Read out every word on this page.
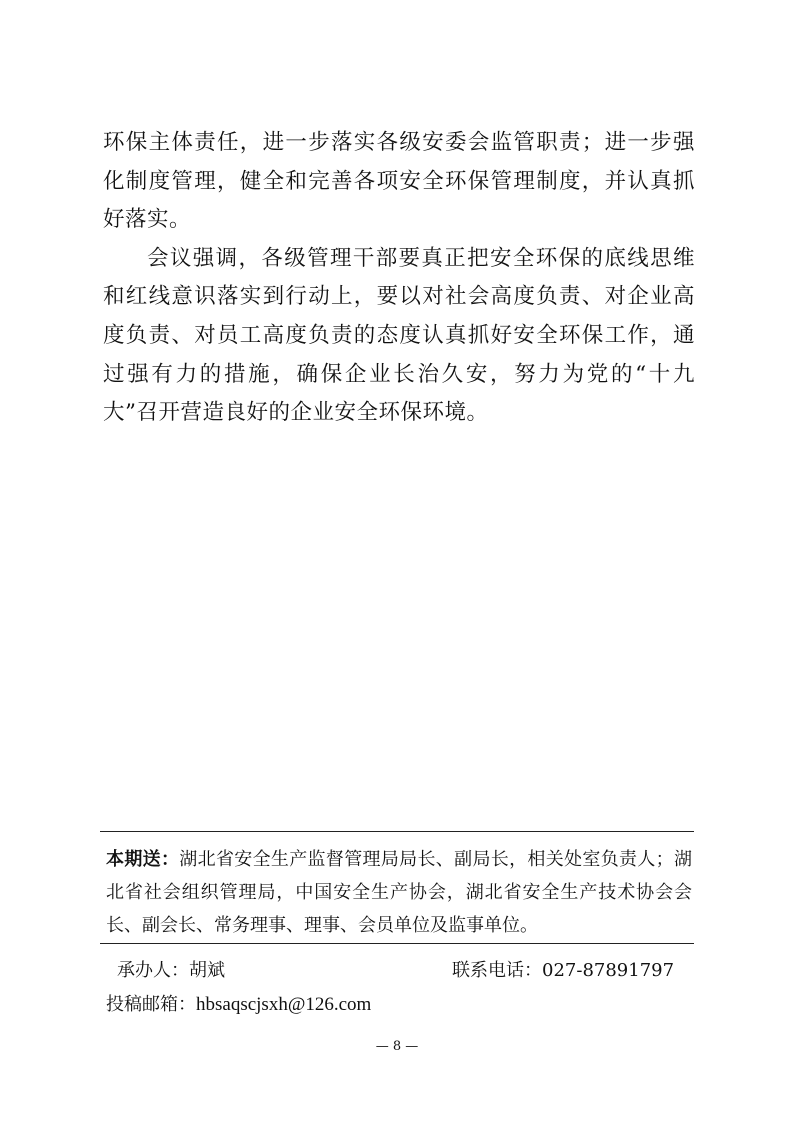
环保主体责任，进一步落实各级安委会监管职责；进一步强化制度管理，健全和完善各项安全环保管理制度，并认真抓好落实。

会议强调，各级管理干部要真正把安全环保的底线思维和红线意识落实到行动上，要以对社会高度负责、对企业高度负责、对员工高度负责的态度认真抓好安全环保工作，通过强有力的措施，确保企业长治久安，努力为党的“十九大”召开营造良好的企业安全环保环境。

本期送：湖北省安全生产监督管理局局长、副局长，相关处室负责人；湖北省社会组织管理局，中国安全生产协会，湖北省安全生产技术协会会长、副会长、常务理事、理事、会员单位及监事单位。
承办人：胡斌	联系电话：027-87891797
投稿邮箱：hbsaqscjsxh@126.com
— 8 —
